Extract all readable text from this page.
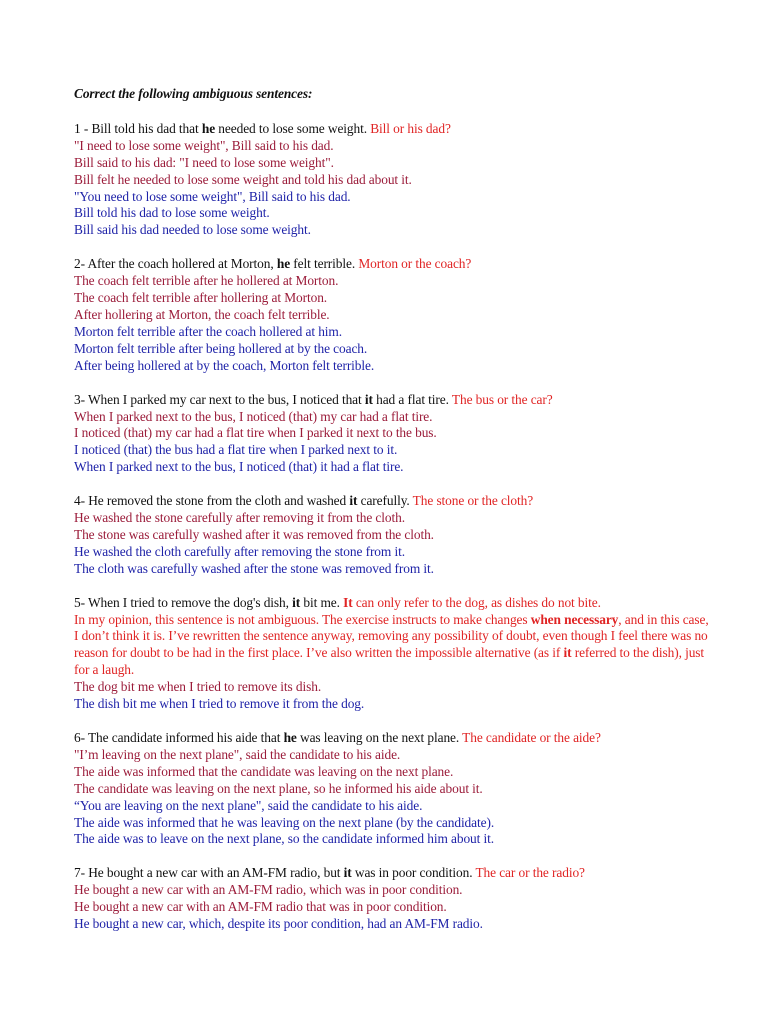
Correct the following ambiguous sentences:
1 - Bill told his dad that he needed to lose some weight. Bill or his dad?
"I need to lose some weight", Bill said to his dad.
Bill said to his dad: "I need to lose some weight".
Bill felt he needed to lose some weight and told his dad about it.
"You need to lose some weight", Bill said to his dad.
Bill told his dad to lose some weight.
Bill said his dad needed to lose some weight.
2- After the coach hollered at Morton, he felt terrible. Morton or the coach?
The coach felt terrible after he hollered at Morton.
The coach felt terrible after hollering at Morton.
After hollering at Morton, the coach felt terrible.
Morton felt terrible after the coach hollered at him.
Morton felt terrible after being hollered at by the coach.
After being hollered at by the coach, Morton felt terrible.
3- When I parked my car next to the bus, I noticed that it had a flat tire. The bus or the car?
When I parked next to the bus, I noticed (that) my car had a flat tire.
I noticed (that) my car had a flat tire when I parked it next to the bus.
I noticed (that) the bus had a flat tire when I parked next to it.
When I parked next to the bus, I noticed (that) it had a flat tire.
4- He removed the stone from the cloth and washed it carefully. The stone or the cloth?
He washed the stone carefully after removing it from the cloth.
The stone was carefully washed after it was removed from the cloth.
He washed the cloth carefully after removing the stone from it.
The cloth was carefully washed after the stone was removed from it.
5- When I tried to remove the dog's dish, it bit me. It can only refer to the dog, as dishes do not bite.
In my opinion, this sentence is not ambiguous. The exercise instructs to make changes when necessary, and in this case, I don’t think it is. I’ve rewritten the sentence anyway, removing any possibility of doubt, even though I feel there was no reason for doubt to be had in the first place. I’ve also written the impossible alternative (as if it referred to the dish), just for a laugh.
The dog bit me when I tried to remove its dish.
The dish bit me when I tried to remove it from the dog.
6- The candidate informed his aide that he was leaving on the next plane. The candidate or the aide?
"I’m leaving on the next plane", said the candidate to his aide.
The aide was informed that the candidate was leaving on the next plane.
The candidate was leaving on the next plane, so he informed his aide about it.
“You are leaving on the next plane", said the candidate to his aide.
The aide was informed that he was leaving on the next plane (by the candidate).
The aide was to leave on the next plane, so the candidate informed him about it.
7- He bought a new car with an AM-FM radio, but it was in poor condition. The car or the radio?
He bought a new car with an AM-FM radio, which was in poor condition.
He bought a new car with an AM-FM radio that was in poor condition.
He bought a new car, which, despite its poor condition, had an AM-FM radio.
